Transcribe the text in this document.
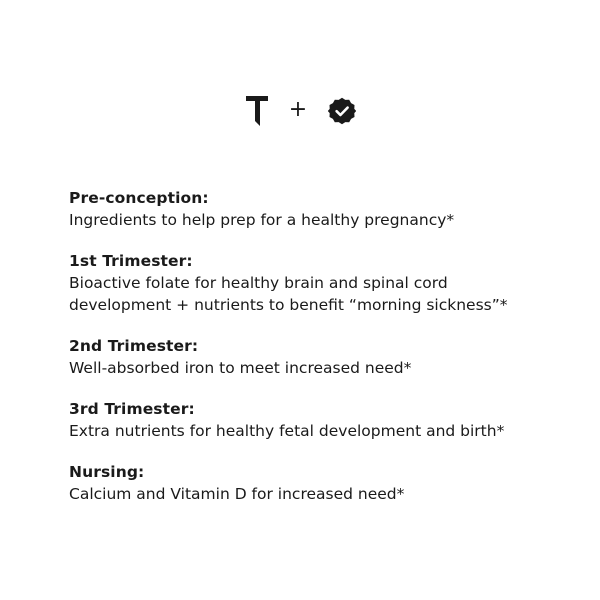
+
Pre-conception:
Ingredients to help prep for a healthy pregnancy*
1st Trimester:
Bioactive folate for healthy brain and spinal cord
development + nutrients to benefit “morning sickness”*
2nd Trimester:
Well-absorbed iron to meet increased need*
3rd Trimester:
Extra nutrients for healthy fetal development and birth*
Nursing:
Calcium and Vitamin D for increased need*
